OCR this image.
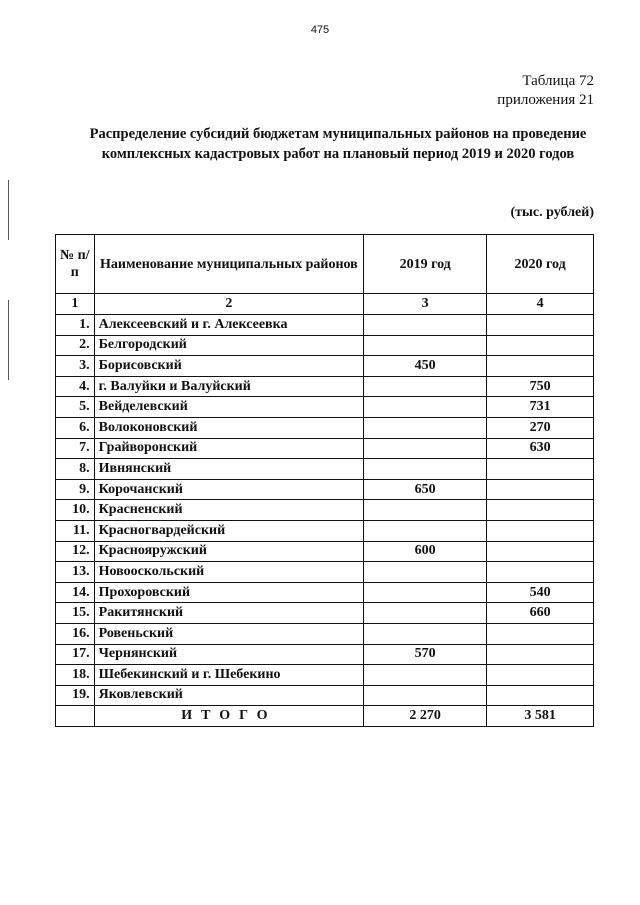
475
Таблица 72
приложения 21
Распределение субсидий бюджетам муниципальных районов на проведение комплексных кадастровых работ на плановый период 2019 и 2020 годов
(тыс. рублей)
№ п/п	Наименование муниципальных районов	2019 год	2020 год
1	2	3	4
1.	Алексеевский и г. Алексеевка		
2.	Белгородский		
3.	Борисовский	450	
4.	г. Валуйки и Валуйский		750
5.	Вейделевский		731
6.	Волоконовский		270
7.	Грайворонский		630
8.	Ивнянский		
9.	Корочанский	650	
10.	Красненский		
11.	Красногвардейский		
12.	Краснояружский	600	
13.	Новооскольский		
14.	Прохоровский		540
15.	Ракитянский		660
16.	Ровеньский		
17.	Чернянский	570	
18.	Шебекинский и г. Шебекино		
19.	Яковлевский		
	ИТОГО	2 270	3 581
